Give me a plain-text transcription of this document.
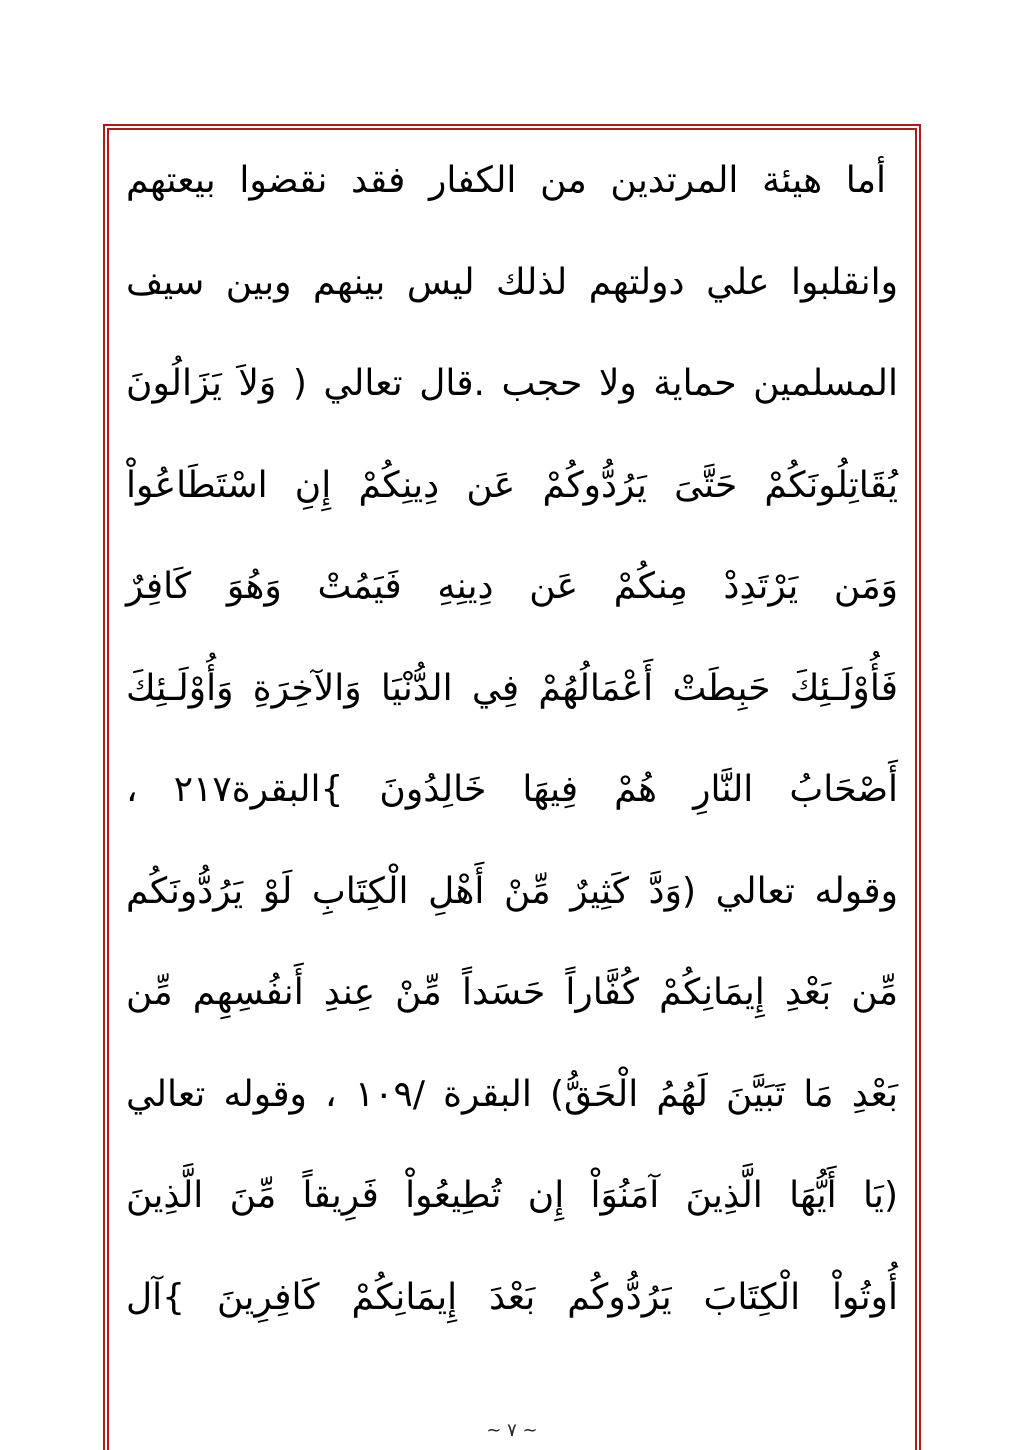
أما هيئة المرتدين من الكفار فقد نقضوا بيعتهم
وانقلبوا علي دولتهم لذلك ليس بينهم وبين سيف
المسلمين حماية ولا حجب .قال تعالي ( وَلاَ يَزَالُونَ
يُقَاتِلُونَكُمْ حَتَّىَ يَرُدُّوكُمْ عَن دِينِكُمْ إِنِ اسْتَطَاعُواْ
وَمَن يَرْتَدِدْ مِنكُمْ عَن دِينِهِ فَيَمُتْ وَهُوَ كَافِرٌ
فَأُوْلَـئِكَ حَبِطَتْ أَعْمَالُهُمْ فِي الدُّنْيَا وَالآخِرَةِ وَأُوْلَـئِكَ
أَصْحَابُ النَّارِ هُمْ فِيهَا خَالِدُونَ }البقرة٢١٧ ،
وقوله تعالي (وَدَّ كَثِيرٌ مِّنْ أَهْلِ الْكِتَابِ لَوْ يَرُدُّونَكُم
مِّن بَعْدِ إِيمَانِكُمْ كُفَّاراً حَسَداً مِّنْ عِندِ أَنفُسِهِم مِّن
بَعْدِ مَا تَبَيَّنَ لَهُمُ الْحَقُّ) البقرة /١٠٩ ، وقوله تعالي
(يَا أَيُّهَا الَّذِينَ آمَنُوَاْ إِن تُطِيعُواْ فَرِيقاً مِّنَ الَّذِينَ
أُوتُواْ الْكِتَابَ يَرُدُّوكُم بَعْدَ إِيمَانِكُمْ كَافِرِينَ }آل
~ ٧ ~
